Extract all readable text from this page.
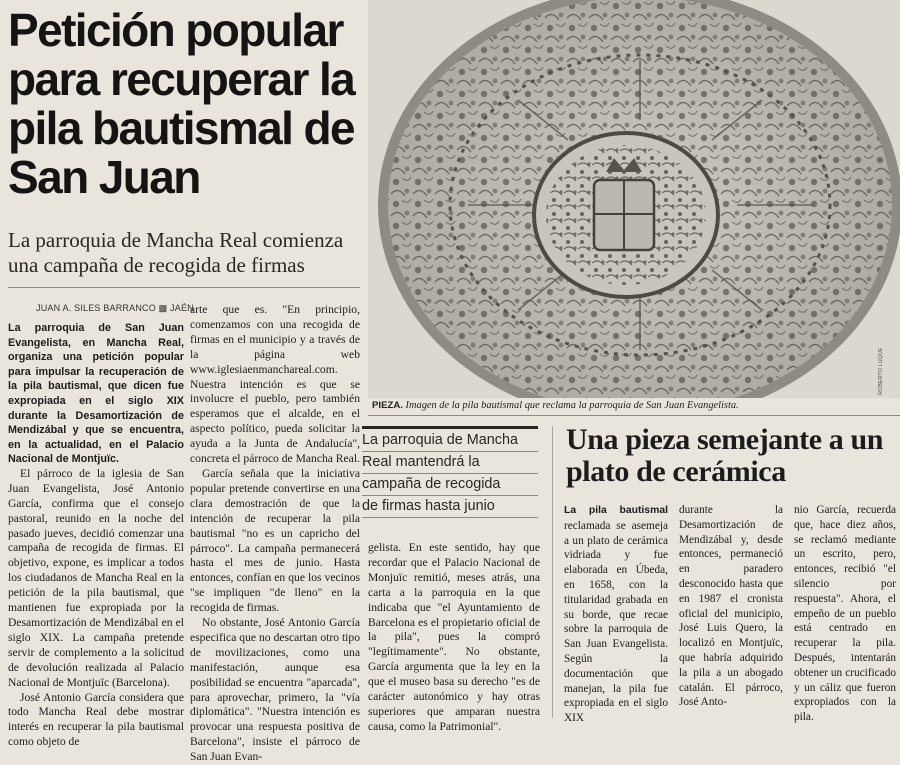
Petición popular para recuperar la pila bautismal de San Juan

La parroquia de Mancha Real comienza una campaña de recogida de firmas

JUAN A. SILES BARRANCO ▩ JAÉN

La parroquia de San Juan Evangelista, en Mancha Real, organiza una petición popular para impulsar la recuperación de la pila bautismal, que dicen fue expropiada en el siglo XIX durante la Desamortización de Mendizábal y que se encuentra, en la actualidad, en el Palacio Nacional de Montjuïc.

El párroco de la iglesia de San Juan Evangelista, José Antonio García, confirma que el consejo pastoral, reunido en la noche del pasado jueves, decidió comenzar una campaña de recogida de firmas. El objetivo, expone, es implicar a todos los ciudadanos de Mancha Real en la petición de la pila bautismal, que mantienen fue expropiada por la Desamortización de Mendizábal en el siglo XIX. La campaña pretende servir de complemento a la solicitud de devolución realizada al Palacio Nacional de Montjuïc (Barcelona).

José Antonio García considera que todo Mancha Real debe mostrar interés en recuperar la pila bautismal como objeto de

arte que es. "En principio, comenzamos con una recogida de firmas en el municipio y a través de la página web www.iglesiaenmanchareal.com. Nuestra intención es que se involucre el pueblo, pero también esperamos que el alcalde, en el aspecto político, pueda solicitar la ayuda a la Junta de Andalucía", concreta el párroco de Mancha Real.

García señala que la iniciativa popular pretende convertirse en una clara demostración de que la intención de recuperar la pila bautismal "no es un capricho del párroco". La campaña permanecerá hasta el mes de junio. Hasta entonces, confían en que los vecinos "se impliquen "de lleno" en la recogida de firmas.

No obstante, José Antonio García especifica que no descartan otro tipo de movilizaciones, como una manifestación, aunque esa posibilidad se encuentra "aparcada", para aprovechar, primero, la "vía diplomática". "Nuestra intención es provocar una respuesta positiva de Barcelona", insiste el párroco de San Juan Evan-

ROBERTO LUQUE
PIEZA. Imagen de la pila bautismal que reclama la parroquia de San Juan Evangelista.
La parroquia de Mancha
Real mantendrá la
campaña de recogida
de firmas hasta junio

gelista. En este sentido, hay que recordar que el Palacio Nacional de Monjuïc remitió, meses atrás, una carta a la parroquia en la que indicaba que "el Ayuntamiento de Barcelona es el propietario oficial de la pila", pues la compró "legítimamente". No obstante, García argumenta que la ley en la que el museo basa su derecho "es de carácter autonómico y hay otras superiores que amparan nuestra causa, como la Patrimonial".

Una pieza semejante a un plato de cerámica

La pila bautismal reclamada se asemeja a un plato de cerámica vidriada y fue elaborada en Úbeda, en 1658, con la titularidad grabada en su borde, que recae sobre la parroquia de San Juan Evangelista. Según la documentación que manejan, la pila fue expropiada en el siglo XIX

durante la Desamortización de Mendizábal y, desde entonces, permaneció en paradero desconocido hasta que en 1987 el cronista oficial del municipio, José Luis Quero, la localizó en Montjuïc, que habría adquirido la pila a un abogado catalán. El párroco, José Anto-

nio García, recuerda que, hace diez años, se reclamó mediante un escrito, pero, entonces, recibió "el silencio por respuesta". Ahora, el empeño de un pueblo está centrado en recuperar la pila. Después, intentarán obtener un crucificado y un cáliz que fueron expropiados con la pila.
